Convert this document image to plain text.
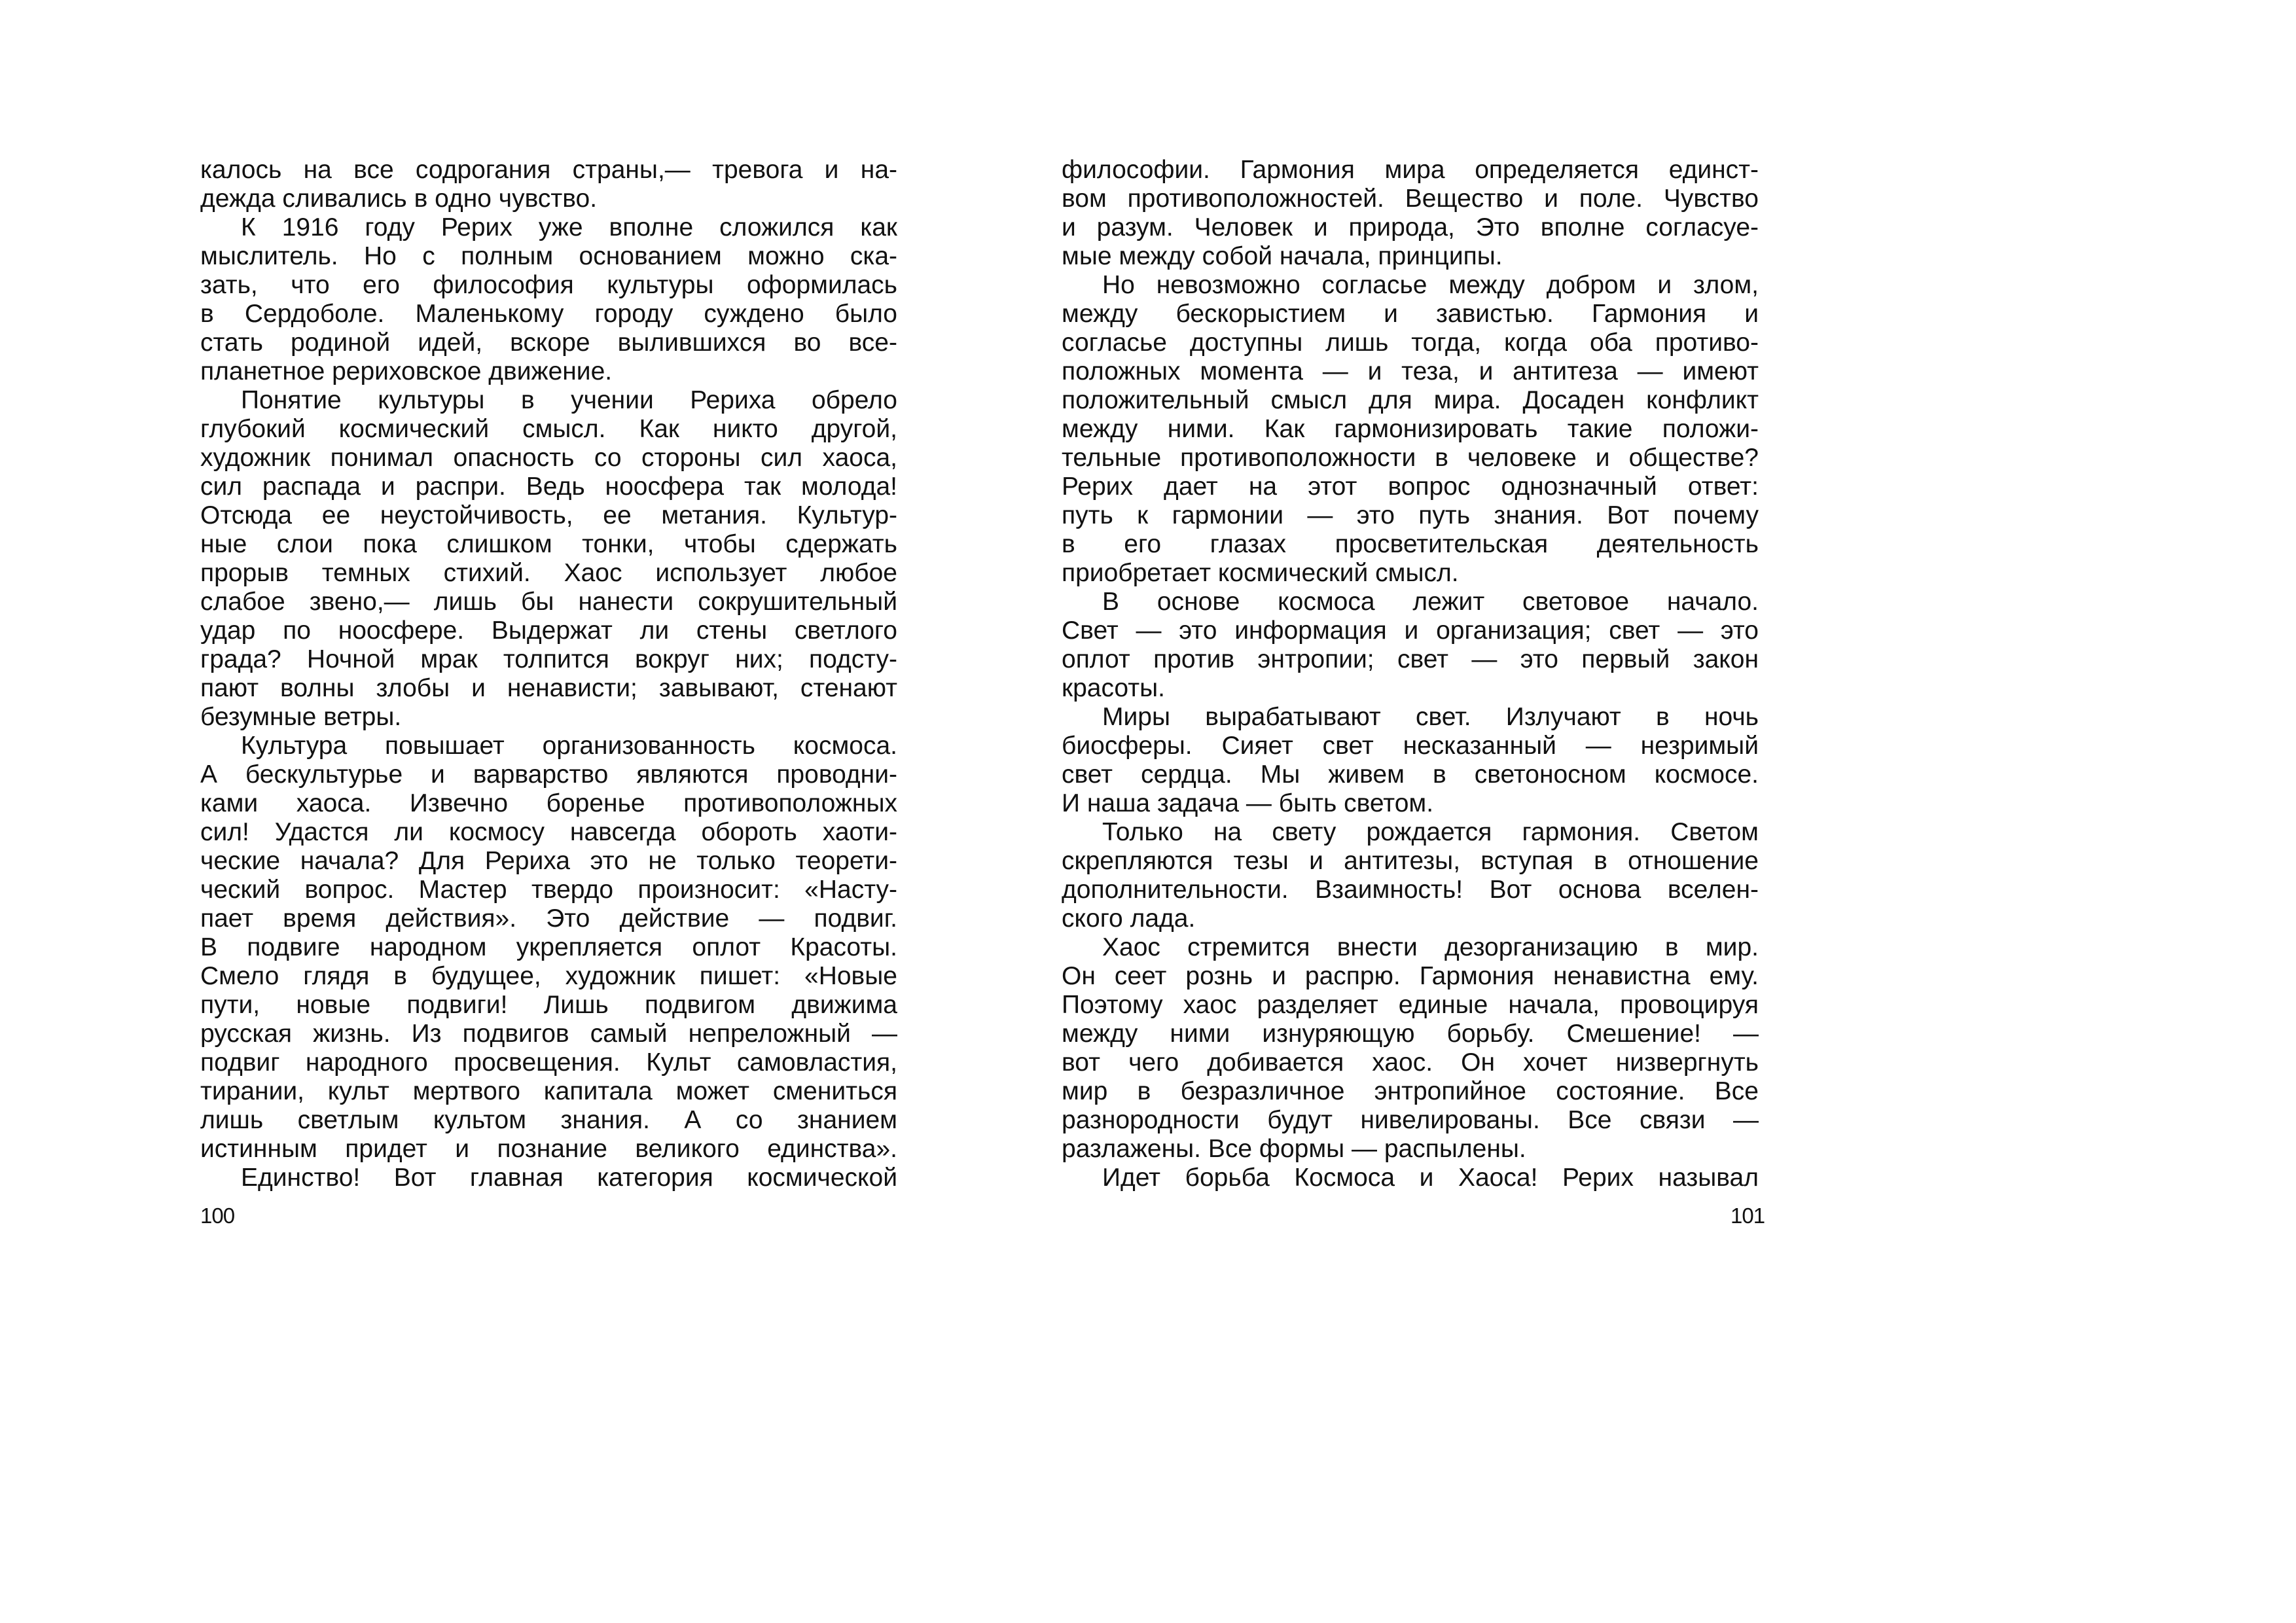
калось на все содрогания страны,— тревога и на-
дежда сливались в одно чувство.
К 1916 году Рерих уже вполне сложился как
мыслитель. Но с полным основанием можно ска-
зать, что его философия культуры оформилась
в Сердоболе. Маленькому городу суждено было
стать родиной идей, вскоре вылившихся во все-
планетное рериховское движение.
Понятие культуры в учении Рериха обрело
глубокий космический смысл. Как никто другой,
художник понимал опасность со стороны сил хаоса,
сил распада и распри. Ведь ноосфера так молода!
Отсюда ее неустойчивость, ее метания. Культур-
ные слои пока слишком тонки, чтобы сдержать
прорыв темных стихий. Хаос использует любое
слабое звено,— лишь бы нанести сокрушительный
удар по ноосфере. Выдержат ли стены светлого
града? Ночной мрак толпится вокруг них; подсту-
пают волны злобы и ненависти; завывают, стенают
безумные ветры.
Культура повышает организованность космоса.
А бескультурье и варварство являются проводни-
ками хаоса. Извечно боренье противоположных
сил! Удастся ли космосу навсегда обороть хаоти-
ческие начала? Для Рериха это не только теорети-
ческий вопрос. Мастер твердо произносит: «Насту-
пает время действия». Это действие — подвиг.
В подвиге народном укрепляется оплот Красоты.
Смело глядя в будущее, художник пишет: «Новые
пути, новые подвиги! Лишь подвигом движима
русская жизнь. Из подвигов самый непреложный —
подвиг народного просвещения. Культ самовластия,
тирании, культ мертвого капитала может смениться
лишь светлым культом знания. А со знанием
истинным придет и познание великого единства».
Единство! Вот главная категория космической
100
философии. Гармония мира определяется единст-
вом противоположностей. Вещество и поле. Чувство
и разум. Человек и природа, Это вполне согласуе-
мые между собой начала, принципы.
Но невозможно согласье между добром и злом,
между бескорыстием и завистью. Гармония и
согласье доступны лишь тогда, когда оба противо-
положных момента — и теза, и антитеза — имеют
положительный смысл для мира. Досаден конфликт
между ними. Как гармонизировать такие положи-
тельные противоположности в человеке и обществе?
Рерих дает на этот вопрос однозначный ответ:
путь к гармонии — это путь знания. Вот почему
в его глазах просветительская деятельность
приобретает космический смысл.
В основе космоса лежит световое начало.
Свет — это информация и организация; свет — это
оплот против энтропии; свет — это первый закон
красоты.
Миры вырабатывают свет. Излучают в ночь
биосферы. Сияет свет несказанный — незримый
свет сердца. Мы живем в светоносном космосе.
И наша задача — быть светом.
Только на свету рождается гармония. Светом
скрепляются тезы и антитезы, вступая в отношение
дополнительности. Взаимность! Вот основа вселен-
ского лада.
Хаос стремится внести дезорганизацию в мир.
Он сеет рознь и распрю. Гармония ненавистна ему.
Поэтому хаос разделяет единые начала, провоцируя
между ними изнуряющую борьбу. Смешение! —
вот чего добивается хаос. Он хочет низвергнуть
мир в безразличное энтропийное состояние. Все
разнородности будут нивелированы. Все связи —
разлажены. Все формы — распылены.
Идет борьба Космоса и Хаоса! Рерих называл
101
